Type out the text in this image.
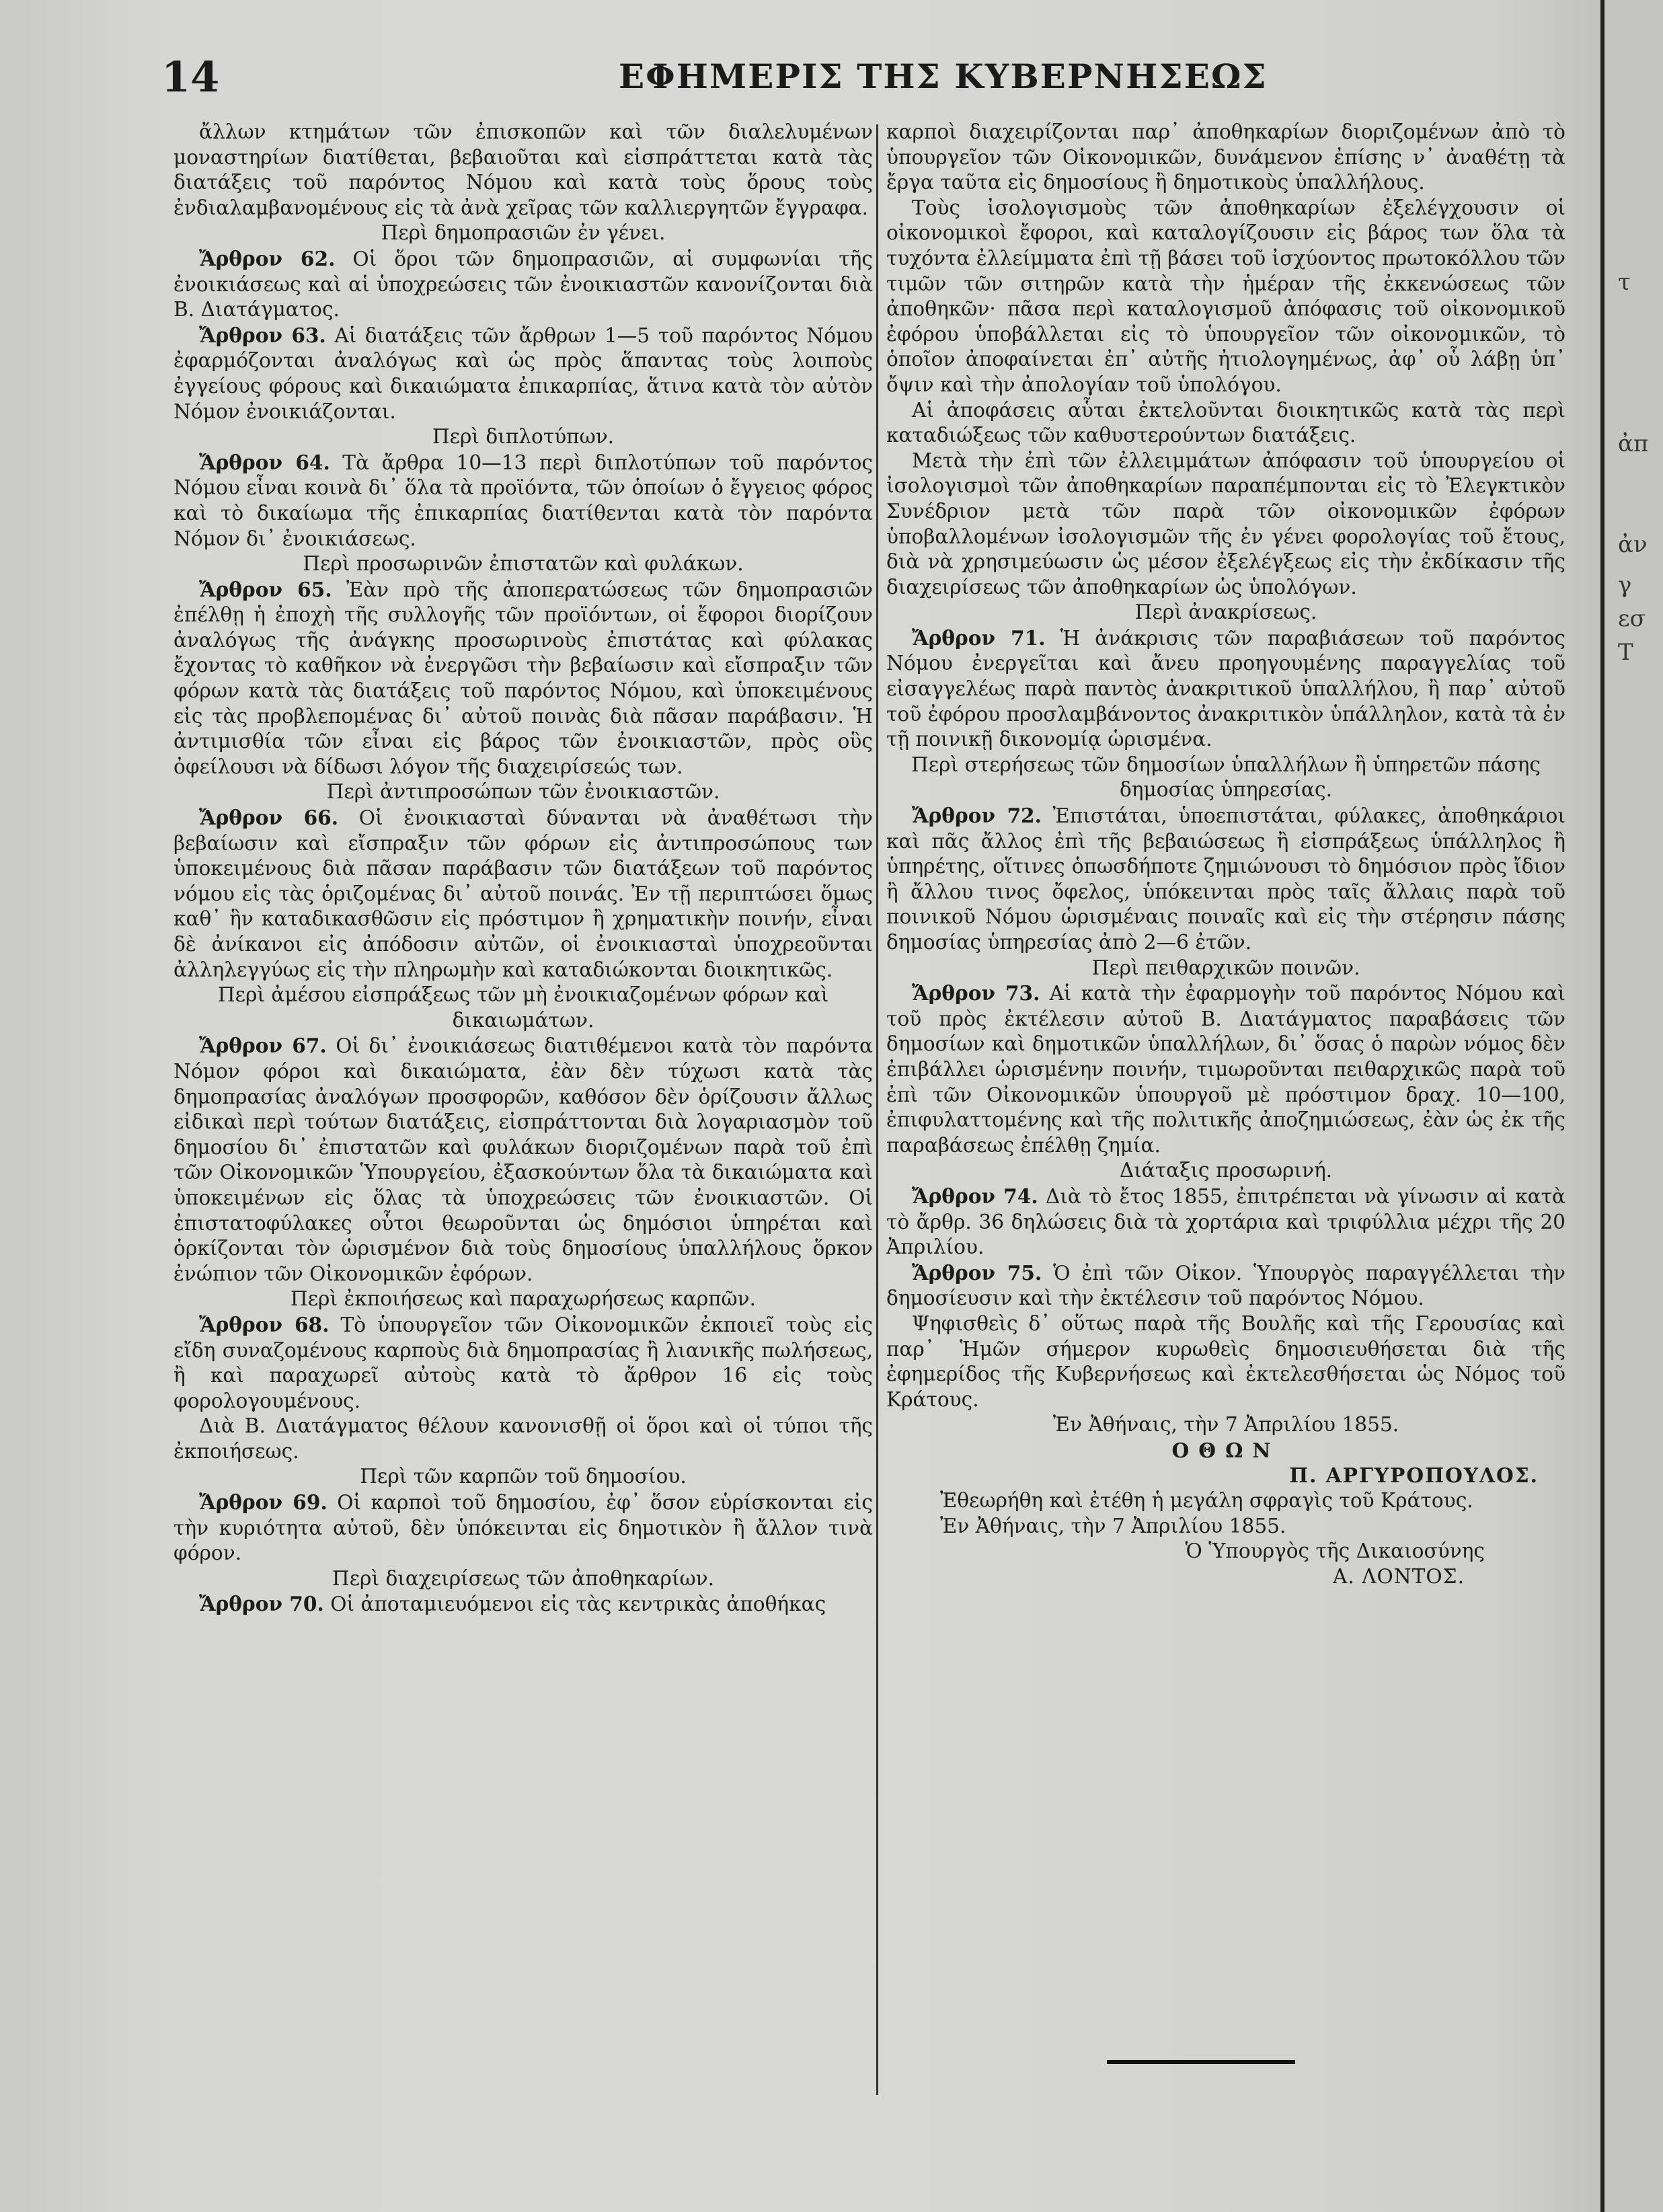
τ
ἀπ
ἀν
γ
εσ
Τ
14	ΕΦΗΜΕΡΙΣ ΤΗΣ ΚΥΒΕΡΝΗΣΕΩΣ

ἄλλων κτημάτων τῶν ἐπισκοπῶν καὶ τῶν διαλελυμένων μοναστηρίων διατίθεται, βεβαιοῦται καὶ εἰσπράττεται κατὰ τὰς διατάξεις τοῦ παρόντος Νόμου καὶ κατὰ τοὺς ὅρους τοὺς ἐνδιαλαμβανομένους εἰς τὰ ἀνὰ χεῖρας τῶν καλλιεργητῶν ἔγγραφα.

Περὶ δημοπρασιῶν ἐν γένει.

Ἄρθρον 62. Οἱ ὅροι τῶν δημοπρασιῶν, αἱ συμφωνίαι τῆς ἐνοικιάσεως καὶ αἱ ὑποχρεώσεις τῶν ἐνοικιαστῶν κανονίζονται διὰ Β. Διατάγματος.

Ἄρθρον 63. Αἱ διατάξεις τῶν ἄρθρων 1—5 τοῦ παρόντος Νόμου ἐφαρμόζονται ἀναλόγως καὶ ὡς πρὸς ἅπαντας τοὺς λοιποὺς ἐγγείους φόρους καὶ δικαιώματα ἐπικαρπίας, ἅτινα κατὰ τὸν αὐτὸν Νόμον ἐνοικιάζονται.

Περὶ διπλοτύπων.

Ἄρθρον 64. Τὰ ἄρθρα 10—13 περὶ διπλοτύπων τοῦ παρόντος Νόμου εἶναι κοινὰ δι᾽ ὅλα τὰ προϊόντα, τῶν ὁποίων ὁ ἔγγειος φόρος καὶ τὸ δικαίωμα τῆς ἐπικαρπίας διατίθενται κατὰ τὸν παρόντα Νόμον δι᾽ ἐνοικιάσεως.

Περὶ προσωρινῶν ἐπιστατῶν καὶ φυλάκων.

Ἄρθρον 65. Ἐὰν πρὸ τῆς ἀποπερατώσεως τῶν δημοπρασιῶν ἐπέλθῃ ἡ ἐποχὴ τῆς συλλογῆς τῶν προϊόντων, οἱ ἔφοροι διορίζουν ἀναλόγως τῆς ἀνάγκης προσωρινοὺς ἐπιστάτας καὶ φύλακας ἔχοντας τὸ καθῆκον νὰ ἐνεργῶσι τὴν βεβαίωσιν καὶ εἴσπραξιν τῶν φόρων κατὰ τὰς διατάξεις τοῦ παρόντος Νόμου, καὶ ὑποκειμένους εἰς τὰς προβλεπομένας δι᾽ αὐτοῦ ποινὰς διὰ πᾶσαν παράβασιν. Ἡ ἀντιμισθία τῶν εἶναι εἰς βάρος τῶν ἐνοικιαστῶν, πρὸς οὓς ὀφείλουσι νὰ δίδωσι λόγον τῆς διαχειρίσεώς των.

Περὶ ἀντιπροσώπων τῶν ἐνοικιαστῶν.

Ἄρθρον 66. Οἱ ἐνοικιασταὶ δύνανται νὰ ἀναθέτωσι τὴν βεβαίωσιν καὶ εἴσπραξιν τῶν φόρων εἰς ἀντιπροσώπους των ὑποκειμένους διὰ πᾶσαν παράβασιν τῶν διατάξεων τοῦ παρόντος νόμου εἰς τὰς ὁριζομένας δι᾽ αὐτοῦ ποινάς. Ἐν τῇ περιπτώσει ὅμως καθ᾽ ἣν καταδικασθῶσιν εἰς πρόστιμον ἢ χρηματικὴν ποινήν, εἶναι δὲ ἀνίκανοι εἰς ἀπόδοσιν αὐτῶν, οἱ ἐνοικιασταὶ ὑποχρεοῦνται ἀλληλεγγύως εἰς τὴν πληρωμὴν καὶ καταδιώκονται διοικητικῶς.

Περὶ ἀμέσου εἰσπράξεως τῶν μὴ ἐνοικιαζομένων φόρων καὶ δικαιωμάτων.

Ἄρθρον 67. Οἱ δι᾽ ἐνοικιάσεως διατιθέμενοι κατὰ τὸν παρόντα Νόμον φόροι καὶ δικαιώματα, ἐὰν δὲν τύχωσι κατὰ τὰς δημοπρασίας ἀναλόγων προσφορῶν, καθόσον δὲν ὁρίζουσιν ἄλλως εἰδικαὶ περὶ τούτων διατάξεις, εἰσπράττονται διὰ λογαριασμὸν τοῦ δημοσίου δι᾽ ἐπιστατῶν καὶ φυλάκων διοριζομένων παρὰ τοῦ ἐπὶ τῶν Οἰκονομικῶν Ὑπουργείου, ἐξασκούντων ὅλα τὰ δικαιώματα καὶ ὑποκειμένων εἰς ὅλας τὰ ὑποχρεώσεις τῶν ἐνοικιαστῶν. Οἱ ἐπιστατοφύλακες οὗτοι θεωροῦνται ὡς δημόσιοι ὑπηρέται καὶ ὁρκίζονται τὸν ὡρισμένον διὰ τοὺς δημοσίους ὑπαλλήλους ὅρκον ἐνώπιον τῶν Οἰκονομικῶν ἐφόρων.

Περὶ ἐκποιήσεως καὶ παραχωρήσεως καρπῶν.

Ἄρθρον 68. Τὸ ὑπουργεῖον τῶν Οἰκονομικῶν ἐκποιεῖ τοὺς εἰς εἴδη συναζομένους καρποὺς διὰ δημοπρασίας ἢ λιανικῆς πωλήσεως, ἢ καὶ παραχωρεῖ αὐτοὺς κατὰ τὸ ἄρθρον 16 εἰς τοὺς φορολογουμένους.

Διὰ Β. Διατάγματος θέλουν κανονισθῇ οἱ ὅροι καὶ οἱ τύποι τῆς ἐκποιήσεως.

Περὶ τῶν καρπῶν τοῦ δημοσίου.

Ἄρθρον 69. Οἱ καρποὶ τοῦ δημοσίου, ἐφ᾽ ὅσον εὑρίσκονται εἰς τὴν κυριότητα αὐτοῦ, δὲν ὑπόκεινται εἰς δημοτικὸν ἢ ἄλλον τινὰ φόρον.

Περὶ διαχειρίσεως τῶν ἀποθηκαρίων.

Ἄρθρον 70. Οἱ ἀποταμιευόμενοι εἰς τὰς κεντρικὰς ἀποθήκας

καρποὶ διαχειρίζονται παρ᾽ ἀποθηκαρίων διοριζομένων ἀπὸ τὸ ὑπουργεῖον τῶν Οἰκονομικῶν, δυνάμενον ἐπίσης ν᾽ ἀναθέτῃ τὰ ἔργα ταῦτα εἰς δημοσίους ἢ δημοτικοὺς ὑπαλλήλους.

Τοὺς ἰσολογισμοὺς τῶν ἀποθηκαρίων ἐξελέγχουσιν οἱ οἰκονομικοὶ ἔφοροι, καὶ καταλογίζουσιν εἰς βάρος των ὅλα τὰ τυχόντα ἐλλείμματα ἐπὶ τῇ βάσει τοῦ ἰσχύοντος πρωτοκόλλου τῶν τιμῶν τῶν σιτηρῶν κατὰ τὴν ἡμέραν τῆς ἐκκενώσεως τῶν ἀποθηκῶν· πᾶσα περὶ καταλογισμοῦ ἀπόφασις τοῦ οἰκονομικοῦ ἐφόρου ὑποβάλλεται εἰς τὸ ὑπουργεῖον τῶν οἰκονομικῶν, τὸ ὁποῖον ἀποφαίνεται ἐπ᾽ αὐτῆς ἠτιολογημένως, ἀφ᾽ οὗ λάβῃ ὑπ᾽ ὄψιν καὶ τὴν ἀπολογίαν τοῦ ὑπολόγου.

Αἱ ἀποφάσεις αὗται ἐκτελοῦνται διοικητικῶς κατὰ τὰς περὶ καταδιώξεως τῶν καθυστερούντων διατάξεις.

Μετὰ τὴν ἐπὶ τῶν ἐλλειμμάτων ἀπόφασιν τοῦ ὑπουργείου οἱ ἰσολογισμοὶ τῶν ἀποθηκαρίων παραπέμπονται εἰς τὸ Ἐλεγκτικὸν Συνέδριον μετὰ τῶν παρὰ τῶν οἰκονομικῶν ἐφόρων ὑποβαλλομένων ἰσολογισμῶν τῆς ἐν γένει φορολογίας τοῦ ἔτους, διὰ νὰ χρησιμεύωσιν ὡς μέσον ἐξελέγξεως εἰς τὴν ἐκδίκασιν τῆς διαχειρίσεως τῶν ἀποθηκαρίων ὡς ὑπολόγων.

Περὶ ἀνακρίσεως.

Ἄρθρον 71. Ἡ ἀνάκρισις τῶν παραβιάσεων τοῦ παρόντος Νόμου ἐνεργεῖται καὶ ἄνευ προηγουμένης παραγγελίας τοῦ εἰσαγγελέως παρὰ παντὸς ἀνακριτικοῦ ὑπαλλήλου, ἢ παρ᾽ αὐτοῦ τοῦ ἐφόρου προσλαμβάνοντος ἀνακριτικὸν ὑπάλληλον, κατὰ τὰ ἐν τῇ ποινικῇ δικονομίᾳ ὡρισμένα.

Περὶ στερήσεως τῶν δημοσίων ὑπαλλήλων ἢ ὑπηρετῶν πάσης δημοσίας ὑπηρεσίας.

Ἄρθρον 72. Ἐπιστάται, ὑποεπιστάται, φύλακες, ἀποθηκάριοι καὶ πᾶς ἄλλος ἐπὶ τῆς βεβαιώσεως ἢ εἰσπράξεως ὑπάλληλος ἢ ὑπηρέτης, οἵτινες ὁπωσδήποτε ζημιώνουσι τὸ δημόσιον πρὸς ἴδιον ἢ ἄλλου τινος ὄφελος, ὑπόκεινται πρὸς ταῖς ἄλλαις παρὰ τοῦ ποινικοῦ Νόμου ὡρισμέναις ποιναῖς καὶ εἰς τὴν στέρησιν πάσης δημοσίας ὑπηρεσίας ἀπὸ 2—6 ἐτῶν.

Περὶ πειθαρχικῶν ποινῶν.

Ἄρθρον 73. Αἱ κατὰ τὴν ἐφαρμογὴν τοῦ παρόντος Νόμου καὶ τοῦ πρὸς ἐκτέλεσιν αὐτοῦ Β. Διατάγματος παραβάσεις τῶν δημοσίων καὶ δημοτικῶν ὑπαλλήλων, δι᾽ ὅσας ὁ παρὼν νόμος δὲν ἐπιβάλλει ὡρισμένην ποινήν, τιμωροῦνται πειθαρχικῶς παρὰ τοῦ ἐπὶ τῶν Οἰκονομικῶν ὑπουργοῦ μὲ πρόστιμον δραχ. 10—100, ἐπιφυλαττομένης καὶ τῆς πολιτικῆς ἀποζημιώσεως, ἐὰν ὡς ἐκ τῆς παραβάσεως ἐπέλθῃ ζημία.

Διάταξις προσωρινή.

Ἄρθρον 74. Διὰ τὸ ἔτος 1855, ἐπιτρέπεται νὰ γίνωσιν αἱ κατὰ τὸ ἄρθρ. 36 δηλώσεις διὰ τὰ χορτάρια καὶ τριφύλλια μέχρι τῆς 20 Ἀπριλίου.

Ἄρθρον 75. Ὁ ἐπὶ τῶν Οἰκον. Ὑπουργὸς παραγγέλλεται τὴν δημοσίευσιν καὶ τὴν ἐκτέλεσιν τοῦ παρόντος Νόμου.

Ψηφισθεὶς δ᾽ οὕτως παρὰ τῆς Βουλῆς καὶ τῆς Γερουσίας καὶ παρ᾽ Ἡμῶν σήμερον κυρωθεὶς δημοσιευθήσεται διὰ τῆς ἐφημερίδος τῆς Κυβερνήσεως καὶ ἐκτελεσθήσεται ὡς Νόμος τοῦ Κράτους.

Ἐν Ἀθήναις, τὴν 7 Ἀπριλίου 1855.

ΟΘΩΝ

Π. ΑΡΓΥΡΟΠΟΥΛΟΣ.

Ἐθεωρήθη καὶ ἐτέθη ἡ μεγάλη σφραγὶς τοῦ Κράτους.

Ἐν Ἀθήναις, τὴν 7 Ἀπριλίου 1855.

Ὁ Ὑπουργὸς τῆς Δικαιοσύνης

Α. ΛΟΝΤΟΣ.
